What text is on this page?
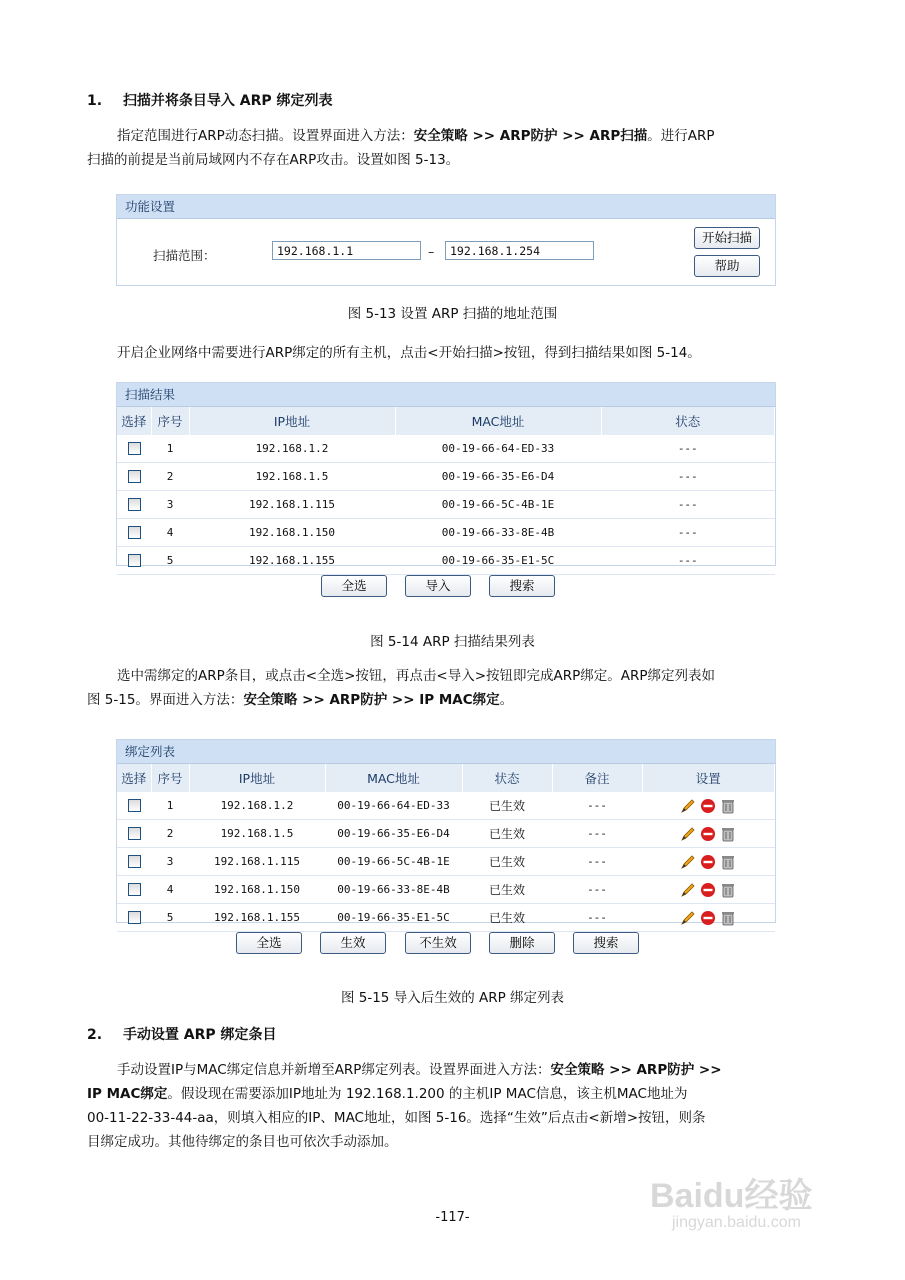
1. 扫描并将条目导入 ARP 绑定列表
指定范围进行ARP动态扫描。设置界面进入方法：安全策略 >> ARP防护 >> ARP扫描。进行ARP
扫描的前提是当前局域网内不存在ARP攻击。设置如图 5-13。
功能设置
扫描范围：	192.168.1.1	–	192.168.1.254
开始扫描
帮助
图 5-13 设置 ARP 扫描的地址范围
开启企业网络中需要进行ARP绑定的所有主机，点击<开始扫描>按钮，得到扫描结果如图 5-14。
扫描结果
选择	序号	IP地址	MAC地址	状态
	1	192.168.1.2	00-19-66-64-ED-33	---
	2	192.168.1.5	00-19-66-35-E6-D4	---
	3	192.168.1.115	00-19-66-5C-4B-1E	---
	4	192.168.1.150	00-19-66-33-8E-4B	---
	5	192.168.1.155	00-19-66-35-E1-5C	---
全选	导入	搜索
图 5-14 ARP 扫描结果列表
选中需绑定的ARP条目，或点击<全选>按钮，再点击<导入>按钮即完成ARP绑定。ARP绑定列表如
图 5-15。界面进入方法：安全策略 >> ARP防护 >> IP MAC绑定。
绑定列表
选择	序号	IP地址	MAC地址	状态	备注	设置
	1	192.168.1.2	00-19-66-64-ED-33	已生效	---	

	2	192.168.1.5	00-19-66-35-E6-D4	已生效	---	

	3	192.168.1.115	00-19-66-5C-4B-1E	已生效	---	

	4	192.168.1.150	00-19-66-33-8E-4B	已生效	---	

	5	192.168.1.155	00-19-66-35-E1-5C	已生效	---	
全选	生效	不生效	删除	搜索
图 5-15 导入后生效的 ARP 绑定列表
2. 手动设置 ARP 绑定条目
手动设置IP与MAC绑定信息并新增至ARP绑定列表。设置界面进入方法：安全策略 >> ARP防护 >>
IP MAC绑定。假设现在需要添加IP地址为 192.168.1.200 的主机IP MAC信息，该主机MAC地址为
00-11-22-33-44-aa，则填入相应的IP、MAC地址，如图 5-16。选择“生效”后点击<新增>按钮，则条
目绑定成功。其他待绑定的条目也可依次手动添加。
-117-
Baidu经验
jingyan.baidu.com
